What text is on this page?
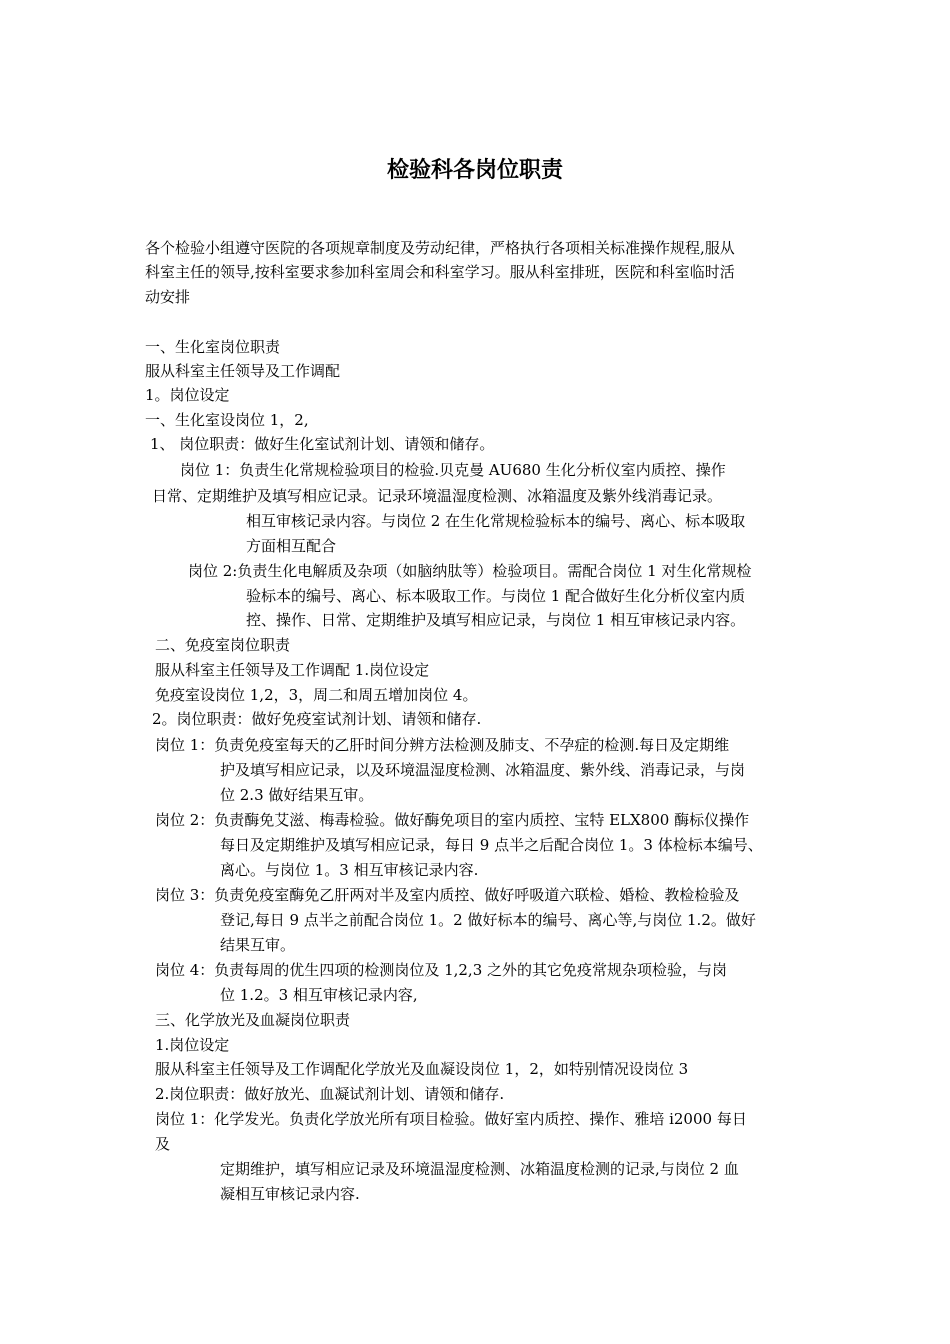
检验科各岗位职责
各个检验小组遵守医院的各项规章制度及劳动纪律，严格执行各项相关标准操作规程,服从
科室主任的领导,按科室要求参加科室周会和科室学习。服从科室排班，医院和科室临时活
动安排
一、生化室岗位职责
服从科室主任领导及工作调配
1。岗位设定
一、生化室设岗位 1，2,
1、 岗位职责：做好生化室试剂计划、请领和储存。
岗位 1：负责生化常规检验项目的检验.贝克曼 AU680 生化分析仪室内质控、操作
日常、定期维护及填写相应记录。记录环境温湿度检测、冰箱温度及紫外线消毒记录。
相互审核记录内容。与岗位 2 在生化常规检验标本的编号、离心、标本吸取
方面相互配合
岗位 2:负责生化电解质及杂项（如脑纳肽等）检验项目。需配合岗位 1 对生化常规检
验标本的编号、离心、标本吸取工作。与岗位 1 配合做好生化分析仪室内质
控、操作、日常、定期维护及填写相应记录，与岗位 1 相互审核记录内容。
二、免疫室岗位职责
服从科室主任领导及工作调配 1.岗位设定
免疫室设岗位 1,2，3，周二和周五增加岗位 4。
2。岗位职责：做好免疫室试剂计划、请领和储存.
岗位 1：负责免疫室每天的乙肝时间分辨方法检测及肺支、不孕症的检测.每日及定期维
护及填写相应记录，以及环境温湿度检测、冰箱温度、紫外线、消毒记录，与岗
位 2.3 做好结果互审。
岗位 2：负责酶免艾滋、梅毒检验。做好酶免项目的室内质控、宝特 ELX800 酶标仪操作
每日及定期维护及填写相应记录，每日 9 点半之后配合岗位 1。3 体检标本编号、
离心。与岗位 1。3 相互审核记录内容.
岗位 3：负责免疫室酶免乙肝两对半及室内质控、做好呼吸道六联检、婚检、教检检验及
登记,每日 9 点半之前配合岗位 1。2 做好标本的编号、离心等,与岗位 1.2。做好
结果互审。
岗位 4：负责每周的优生四项的检测岗位及 1,2,3 之外的其它免疫常规杂项检验，与岗
位 1.2。3 相互审核记录内容,
三、化学放光及血凝岗位职责
1.岗位设定
服从科室主任领导及工作调配化学放光及血凝设岗位 1，2，如特别情况设岗位 3
2.岗位职责：做好放光、血凝试剂计划、请领和储存.
岗位 1：化学发光。负责化学放光所有项目检验。做好室内质控、操作、雅培 i2000 每日
及
定期维护，填写相应记录及环境温湿度检测、冰箱温度检测的记录,与岗位 2 血
凝相互审核记录内容.
